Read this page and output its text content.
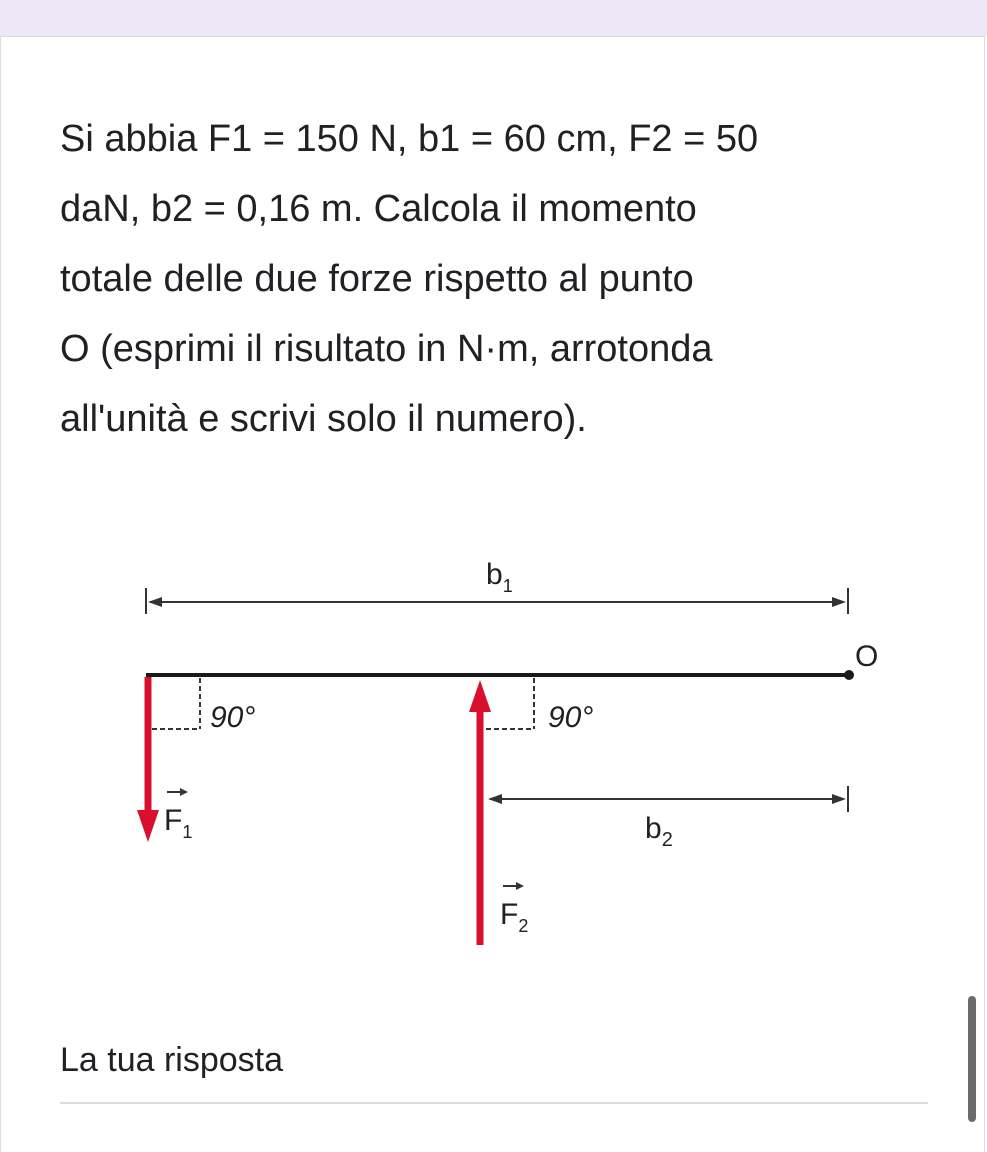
Si abbia F1 = 150 N, b1 = 60 cm, F2 = 50
daN, b2 = 0,16 m. Calcola il momento
totale delle due forze rispetto al punto
O (esprimi il risultato in N·m, arrotonda
all'unità e scrivi solo il numero).
$b_1$
O
90°
$F_1$
90°
$F_2$
$b_2$
La tua risposta
